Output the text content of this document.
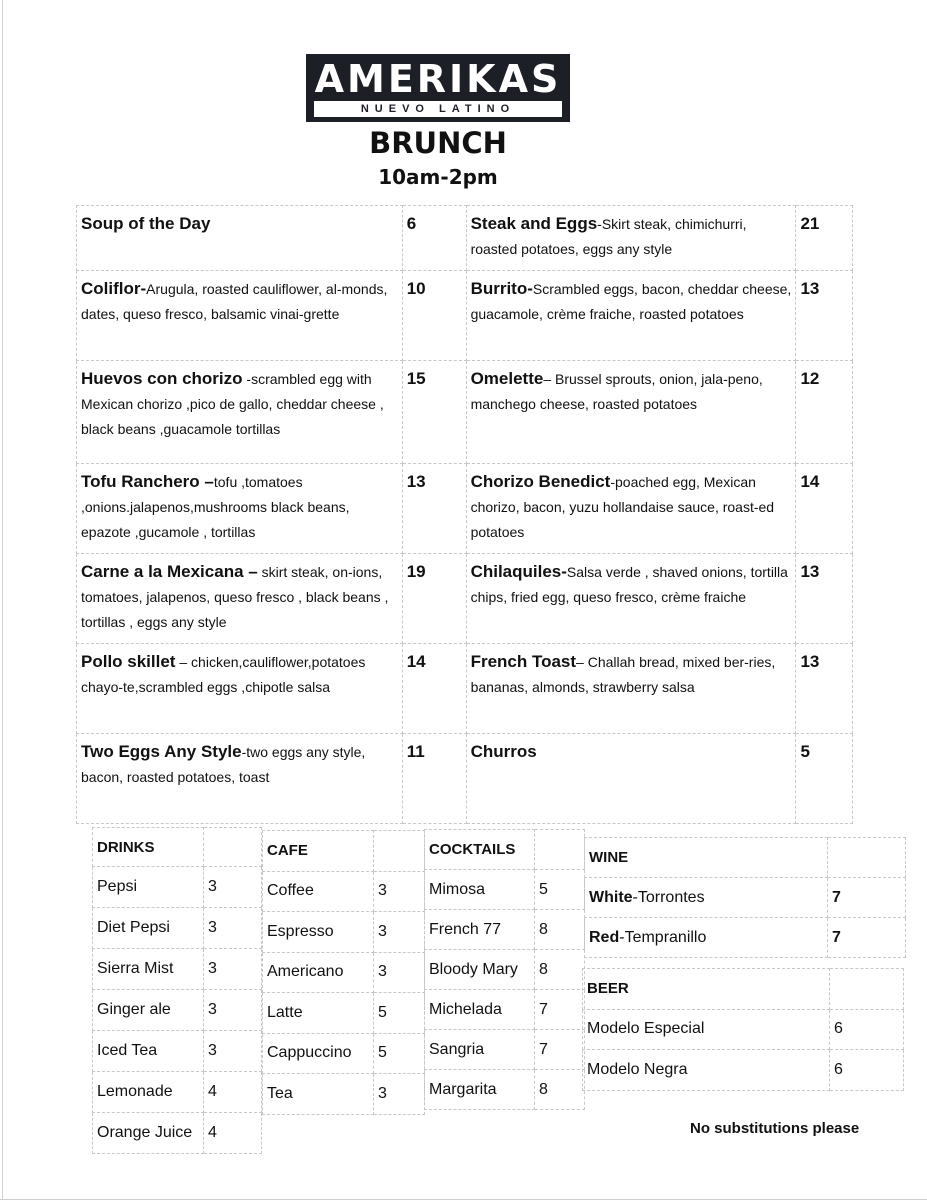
AMERIKAS
NUEVO LATINO
BRUNCH
10am-2pm
Soup of the Day	6	Steak and Eggs-Skirt steak, chimichurri, roasted potatoes, eggs any style	21
Coliflor-Arugula, roasted cauliflower, al-monds, dates, queso fresco, balsamic vinai-grette	10	Burrito-Scrambled eggs, bacon, cheddar cheese, guacamole, crème fraiche, roasted potatoes	13
Huevos con chorizo -scrambled egg with Mexican chorizo ,pico de gallo, cheddar cheese , black beans ,guacamole tortillas	15	Omelette– Brussel sprouts, onion, jala-peno, manchego cheese, roasted potatoes	12
Tofu Ranchero –tofu ,tomatoes ,onions.jalapenos,mushrooms black beans, epazote ,gucamole , tortillas	13	Chorizo Benedict-poached egg, Mexican chorizo, bacon, yuzu hollandaise sauce, roast-ed potatoes	14
Carne a la Mexicana – skirt steak, on-ions, tomatoes, jalapenos, queso fresco , black beans , tortillas , eggs any style	19	Chilaquiles-Salsa verde , shaved onions, tortilla chips, fried egg, queso fresco, crème fraiche	13
Pollo skillet – chicken,cauliflower,potatoes chayo-te,scrambled eggs ,chipotle salsa	14	French Toast– Challah bread, mixed ber-ries, bananas, almonds, strawberry salsa	13
Two Eggs Any Style-two eggs any style, bacon, roasted potatoes, toast	11	Churros	5
DRINKS	
Pepsi	3
Diet Pepsi	3
Sierra Mist	3
Ginger ale	3
Iced Tea	3
Lemonade	4
Orange Juice	4
CAFE	
Coffee	3
Espresso	3
Americano	3
Latte	5
Cappuccino	5
Tea	3
COCKTAILS	
Mimosa	5
French 77	8
Bloody Mary	8
Michelada	7
Sangria	7
Margarita	8
WINE	
White-Torrontes	7
Red-Tempranillo	7
BEER	
Modelo Especial	6
Modelo Negra	6
No substitutions please
